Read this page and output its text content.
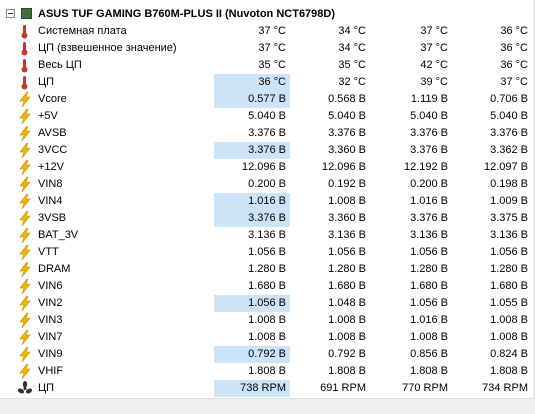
ASUS TUF GAMING B760M-PLUS II (Nuvoton NCT6798D)
Системная плата	37 °C	34 °C	37 °C	36 °C
ЦП (взвешенное значение)	37 °C	34 °C	37 °C	36 °C
Весь ЦП	35 °C	35 °C	42 °C	36 °C
ЦП	36 °C	32 °C	39 °C	37 °C
Vcore	0.577 В	0.568 В	1.119 В	0.706 В
+5V	5.040 В	5.040 В	5.040 В	5.040 В
AVSB	3.376 В	3.376 В	3.376 В	3.376 В
3VCC	3.376 В	3.360 В	3.376 В	3.362 В
+12V	12.096 В	12.096 В	12.192 В	12.097 В
VIN8	0.200 В	0.192 В	0.200 В	0.198 В
VIN4	1.016 В	1.008 В	1.016 В	1.009 В
3VSB	3.376 В	3.360 В	3.376 В	3.375 В
BAT_3V	3.136 В	3.136 В	3.136 В	3.136 В
VTT	1.056 В	1.056 В	1.056 В	1.056 В
DRAM	1.280 В	1.280 В	1.280 В	1.280 В
VIN6	1.680 В	1.680 В	1.680 В	1.680 В
VIN2	1.056 В	1.048 В	1.056 В	1.055 В
VIN3	1.008 В	1.008 В	1.016 В	1.008 В
VIN7	1.008 В	1.008 В	1.008 В	1.008 В
VIN9	0.792 В	0.792 В	0.856 В	0.824 В
VHIF	1.808 В	1.808 В	1.808 В	1.808 В
ЦП	738 RPM	691 RPM	770 RPM	734 RPM
